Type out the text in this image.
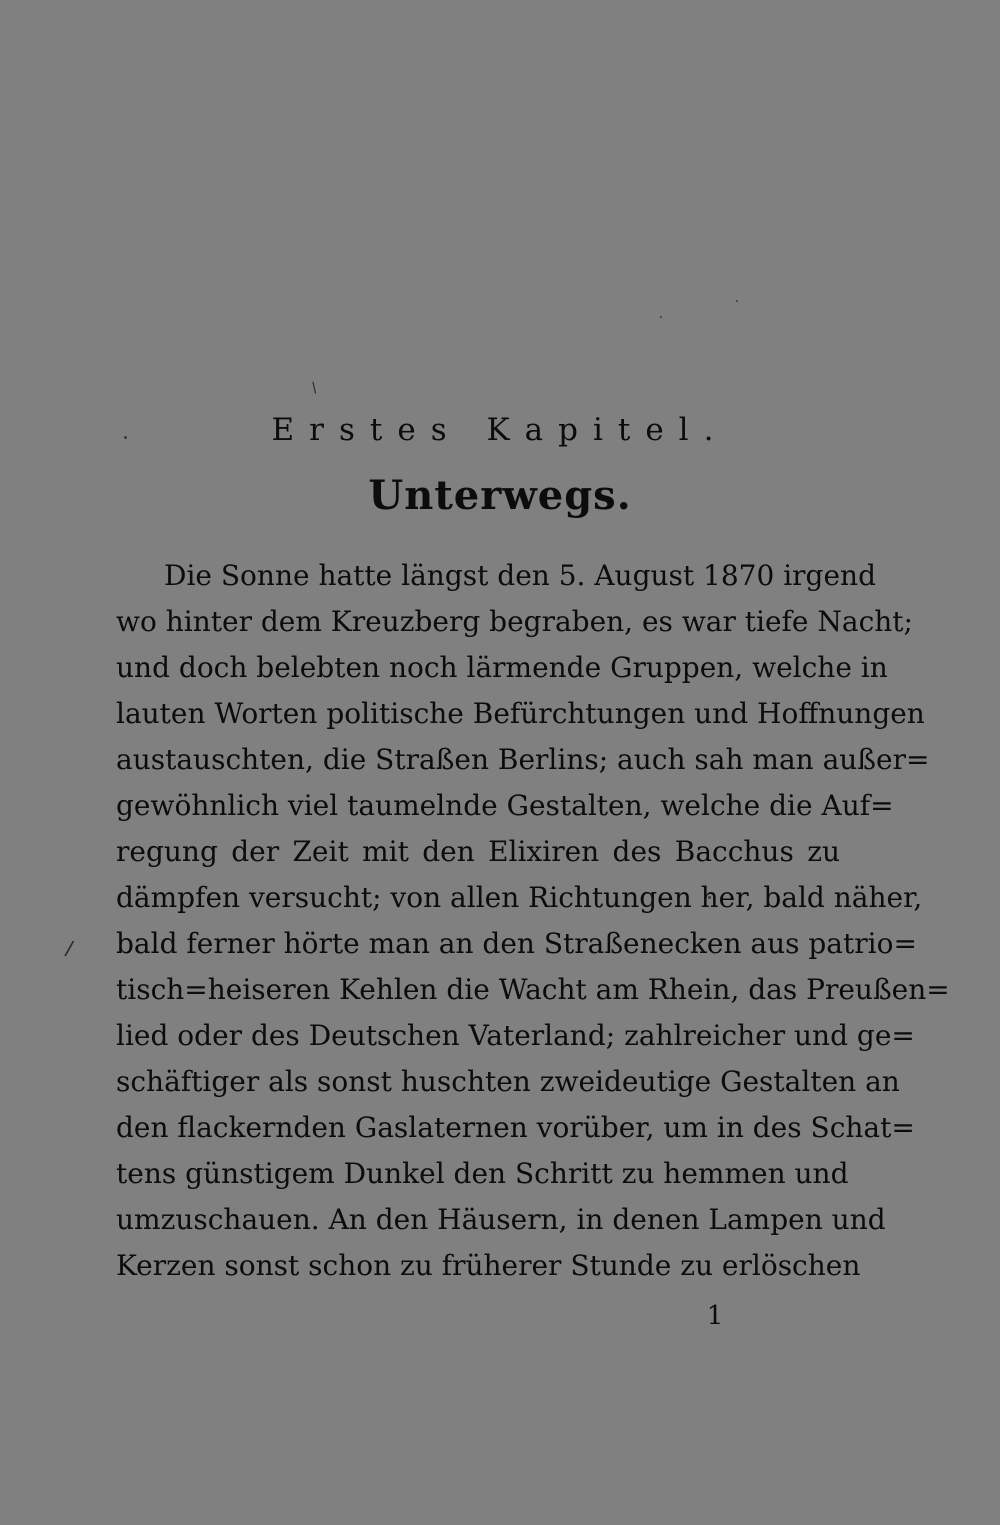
/
Erstes Kapitel.
Unterwegs.
Die Sonne hatte längst den 5. August 1870 irgend
wo hinter dem Kreuzberg begraben, es war tiefe Nacht;
und doch belebten noch lärmende Gruppen, welche in
lauten Worten politische Befürchtungen und Hoffnungen
austauschten, die Straßen Berlins; auch sah man außer=
gewöhnlich viel taumelnde Gestalten, welche die Auf=
regung der Zeit mit den Elixiren des Bacchus zu
dämpfen versucht; von allen Richtungen her, bald näher,
bald ferner hörte man an den Straßenecken aus patrio=
tisch=heiseren Kehlen die Wacht am Rhein, das Preußen=
lied oder des Deutschen Vaterland; zahlreicher und ge=
schäftiger als sonst huschten zweideutige Gestalten an
den flackernden Gaslaternen vorüber, um in des Schat=
tens günstigem Dunkel den Schritt zu hemmen und
umzuschauen. An den Häusern, in denen Lampen und
Kerzen sonst schon zu früherer Stunde zu erlöschen
/
1
